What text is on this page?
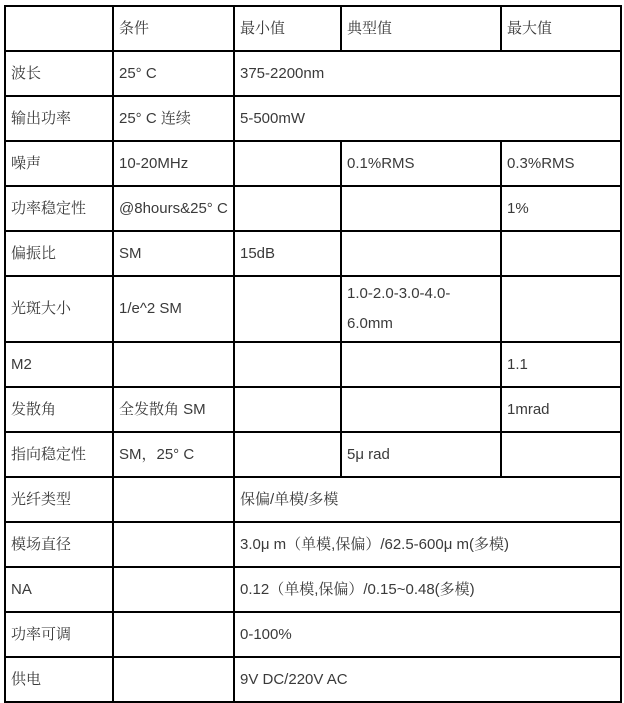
	条件	最小值	典型值	最大值
波长	25° C	375-2200nm		
输出功率	25° C 连续	5-500mW		
噪声	10-20MHz		0.1%RMS	0.3%RMS
功率稳定性	@8hours&25° C			1%
偏振比	SM	15dB		
光斑大小	1/e^2 SM		1.0-2.0-3.0-4.0-6.0mm	
M2				1.1
发散角	全发散角 SM			1mrad
指向稳定性	SM，25° C		5μ rad	
光纤类型		保偏/单模/多模		
模场直径		3.0μ m（单模,保偏）/62.5-600μ m(多模)		
NA		0.12（单模,保偏）/0.15~0.48(多模)		
功率可调		0-100%		
供电		9V DC/220V AC		
